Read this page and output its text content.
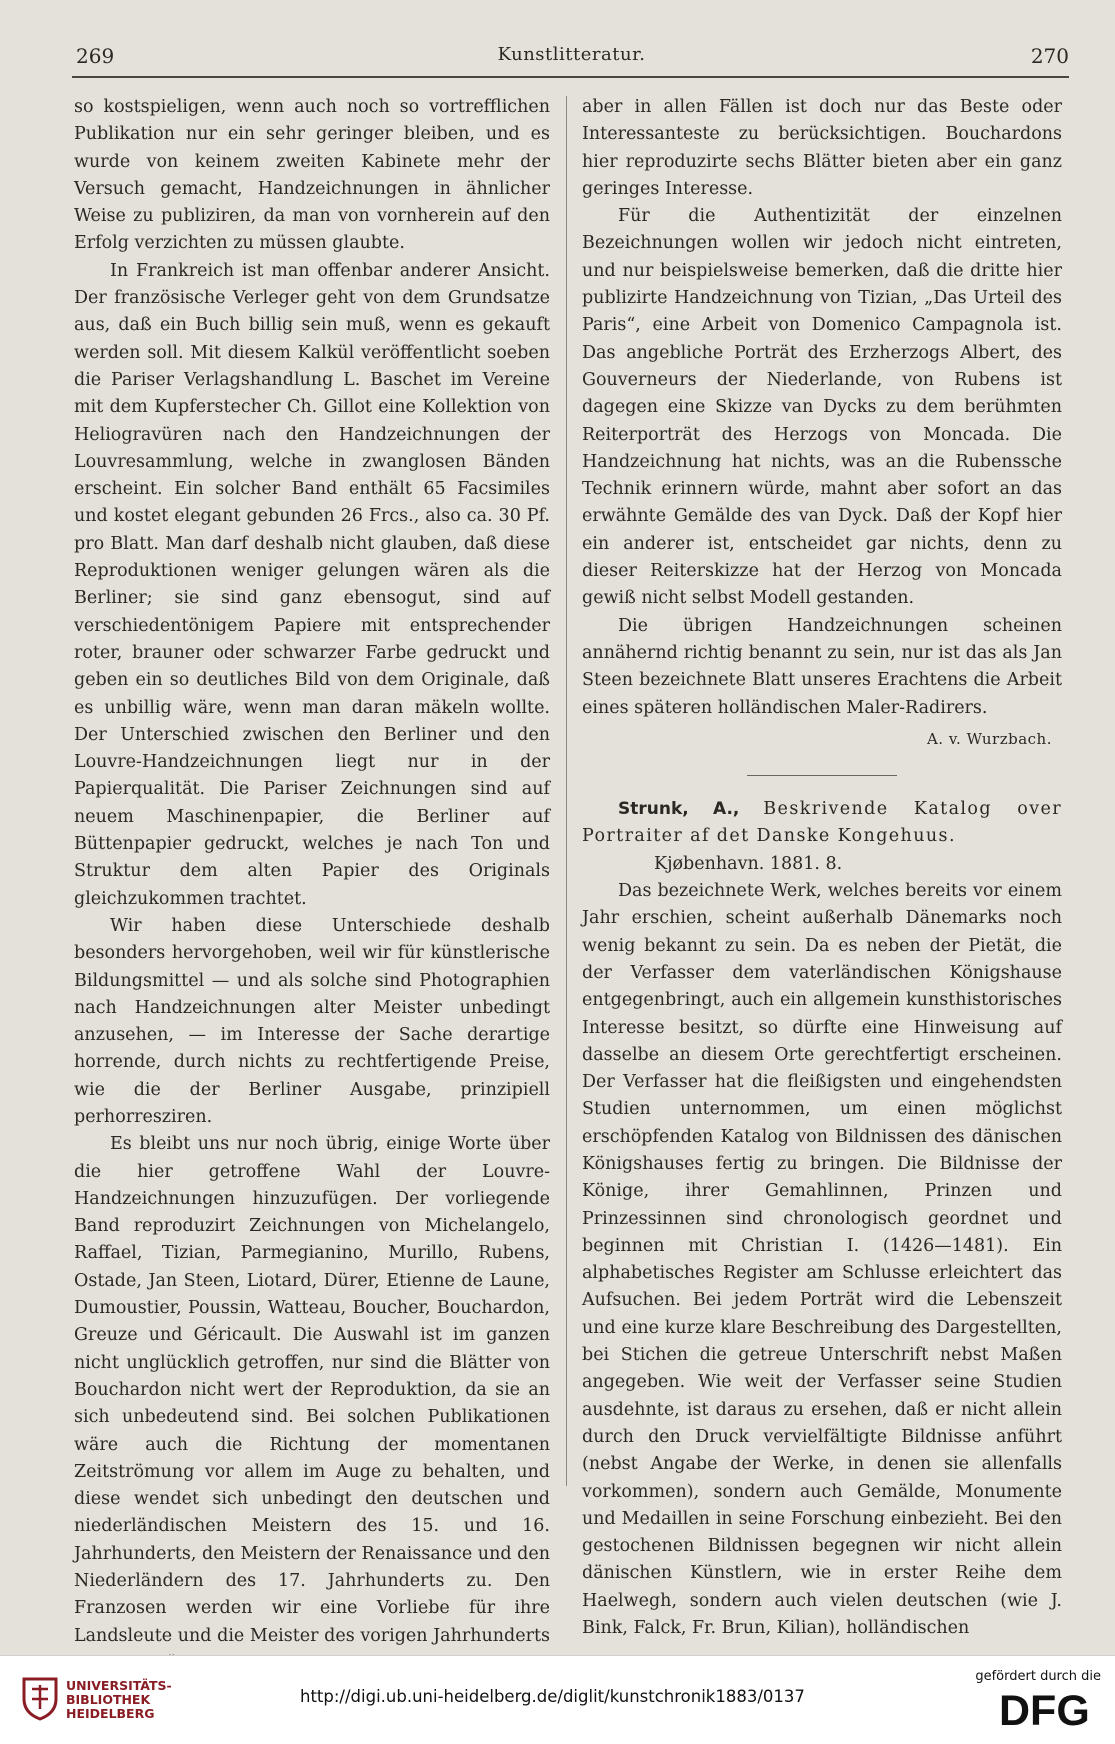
269	Kunstlitteratur.	270

so kostspieligen, wenn auch noch so vortrefflichen Publikation nur ein sehr geringer bleiben, und es wurde von keinem zweiten Kabinete mehr der Versuch gemacht, Handzeichnungen in ähnlicher Weise zu publiziren, da man von vornherein auf den Erfolg verzichten zu müssen glaubte.

In Frankreich ist man offenbar anderer Ansicht. Der französische Verleger geht von dem Grundsatze aus, daß ein Buch billig sein muß, wenn es gekauft werden soll. Mit diesem Kalkül veröffentlicht soeben die Pariser Verlagshandlung L. Baschet im Vereine mit dem Kupferstecher Ch. Gillot eine Kollektion von Heliogravüren nach den Handzeichnungen der Louvresammlung, welche in zwanglosen Bänden erscheint. Ein solcher Band enthält 65 Facsimiles und kostet elegant gebunden 26 Frcs., also ca. 30 Pf. pro Blatt. Man darf deshalb nicht glauben, daß diese Reproduktionen weniger gelungen wären als die Berliner; sie sind ganz ebensogut, sind auf verschiedentönigem Papiere mit entsprechender roter, brauner oder schwarzer Farbe gedruckt und geben ein so deutliches Bild von dem Originale, daß es unbillig wäre, wenn man daran mäkeln wollte. Der Unterschied zwischen den Berliner und den Louvre-Handzeichnungen liegt nur in der Papierqualität. Die Pariser Zeichnungen sind auf neuem Maschinenpapier, die Berliner auf Büttenpapier gedruckt, welches je nach Ton und Struktur dem alten Papier des Originals gleichzukommen trachtet.

Wir haben diese Unterschiede deshalb besonders hervorgehoben, weil wir für künstlerische Bildungsmittel — und als solche sind Photographien nach Handzeichnungen alter Meister unbedingt anzusehen, — im Interesse der Sache derartige horrende, durch nichts zu rechtfertigende Preise, wie die der Berliner Ausgabe, prinzipiell perhorresziren.

Es bleibt uns nur noch übrig, einige Worte über die hier getroffene Wahl der Louvre-Handzeichnungen hinzuzufügen. Der vorliegende Band reproduzirt Zeichnungen von Michelangelo, Raffael, Tizian, Parmegianino, Murillo, Rubens, Ostade, Jan Steen, Liotard, Dürer, Etienne de Laune, Dumoustier, Poussin, Watteau, Boucher, Bouchardon, Greuze und Géricault. Die Auswahl ist im ganzen nicht unglücklich getroffen, nur sind die Blätter von Bouchardon nicht wert der Reproduktion, da sie an sich unbedeutend sind. Bei solchen Publikationen wäre auch die Richtung der momentanen Zeitströmung vor allem im Auge zu behalten, und diese wendet sich unbedingt den deutschen und niederländischen Meistern des 15. und 16. Jahrhunderts, den Meistern der Renaissance und den Niederländern des 17. Jahrhunderts zu. Den Franzosen werden wir eine Vorliebe für ihre Landsleute und die Meister des vorigen Jahrhunderts

aber in allen Fällen ist doch nur das Beste oder Interessanteste zu berücksichtigen. Bouchardons hier reproduzirte sechs Blätter bieten aber ein ganz geringes Interesse.

Für die Authentizität der einzelnen Bezeichnungen wollen wir jedoch nicht eintreten, und nur beispielsweise bemerken, daß die dritte hier publizirte Handzeichnung von Tizian, „Das Urteil des Paris“, eine Arbeit von Domenico Campagnola ist. Das angebliche Porträt des Erzherzogs Albert, des Gouverneurs der Niederlande, von Rubens ist dagegen eine Skizze van Dycks zu dem berühmten Reiterporträt des Herzogs von Moncada. Die Handzeichnung hat nichts, was an die Rubenssche Technik erinnern würde, mahnt aber sofort an das erwähnte Gemälde des van Dyck. Daß der Kopf hier ein anderer ist, entscheidet gar nichts, denn zu dieser Reiterskizze hat der Herzog von Moncada gewiß nicht selbst Modell gestanden.

Die übrigen Handzeichnungen scheinen annähernd richtig benannt zu sein, nur ist das als Jan Steen bezeichnete Blatt unseres Erachtens die Arbeit eines späteren holländischen Maler-Radirers.

A. v. Wurzbach.

Strunk, A., Beskrivende Katalog over Portraiter af det Danske Kongehuus.
Kjøbenhavn. 1881. 8.

Das bezeichnete Werk, welches bereits vor einem Jahr erschien, scheint außerhalb Dänemarks noch wenig bekannt zu sein. Da es neben der Pietät, die der Verfasser dem vaterländischen Königshause entgegenbringt, auch ein allgemein kunsthistorisches Interesse besitzt, so dürfte eine Hinweisung auf dasselbe an diesem Orte gerechtfertigt erscheinen. Der Verfasser hat die fleißigsten und eingehendsten Studien unternommen, um einen möglichst erschöpfenden Katalog von Bildnissen des dänischen Königshauses fertig zu bringen. Die Bildnisse der Könige, ihrer Gemahlinnen, Prinzen und Prinzessinnen sind chronologisch geordnet und beginnen mit Christian I. (1426—1481). Ein alphabetisches Register am Schlusse erleichtert das Aufsuchen. Bei jedem Porträt wird die Lebenszeit und eine kurze klare Beschreibung des Dargestellten, bei Stichen die getreue Unterschrift nebst Maßen angegeben. Wie weit der Verfasser seine Studien ausdehnte, ist daraus zu ersehen, daß er nicht allein durch den Druck vervielfältigte Bildnisse anführt (nebst Angabe der Werke, in denen sie allenfalls vorkommen), sondern auch Gemälde, Monumente und Medaillen in seine Forschung einbezieht. Bei den gestochenen Bildnissen begegnen wir nicht allein dänischen Künstlern, wie in erster Reihe dem Haelwegh, sondern auch vielen deutschen (wie J. Bink, Falck, Fr. Brun, Kilian), holländischen

UNIVERSITÄTS-
BIBLIOTHEK
HEIDELBERG
http://digi.ub.uni-heidelberg.de/diglit/kunstchronik1883/0137
gefördert durch die
DFG
